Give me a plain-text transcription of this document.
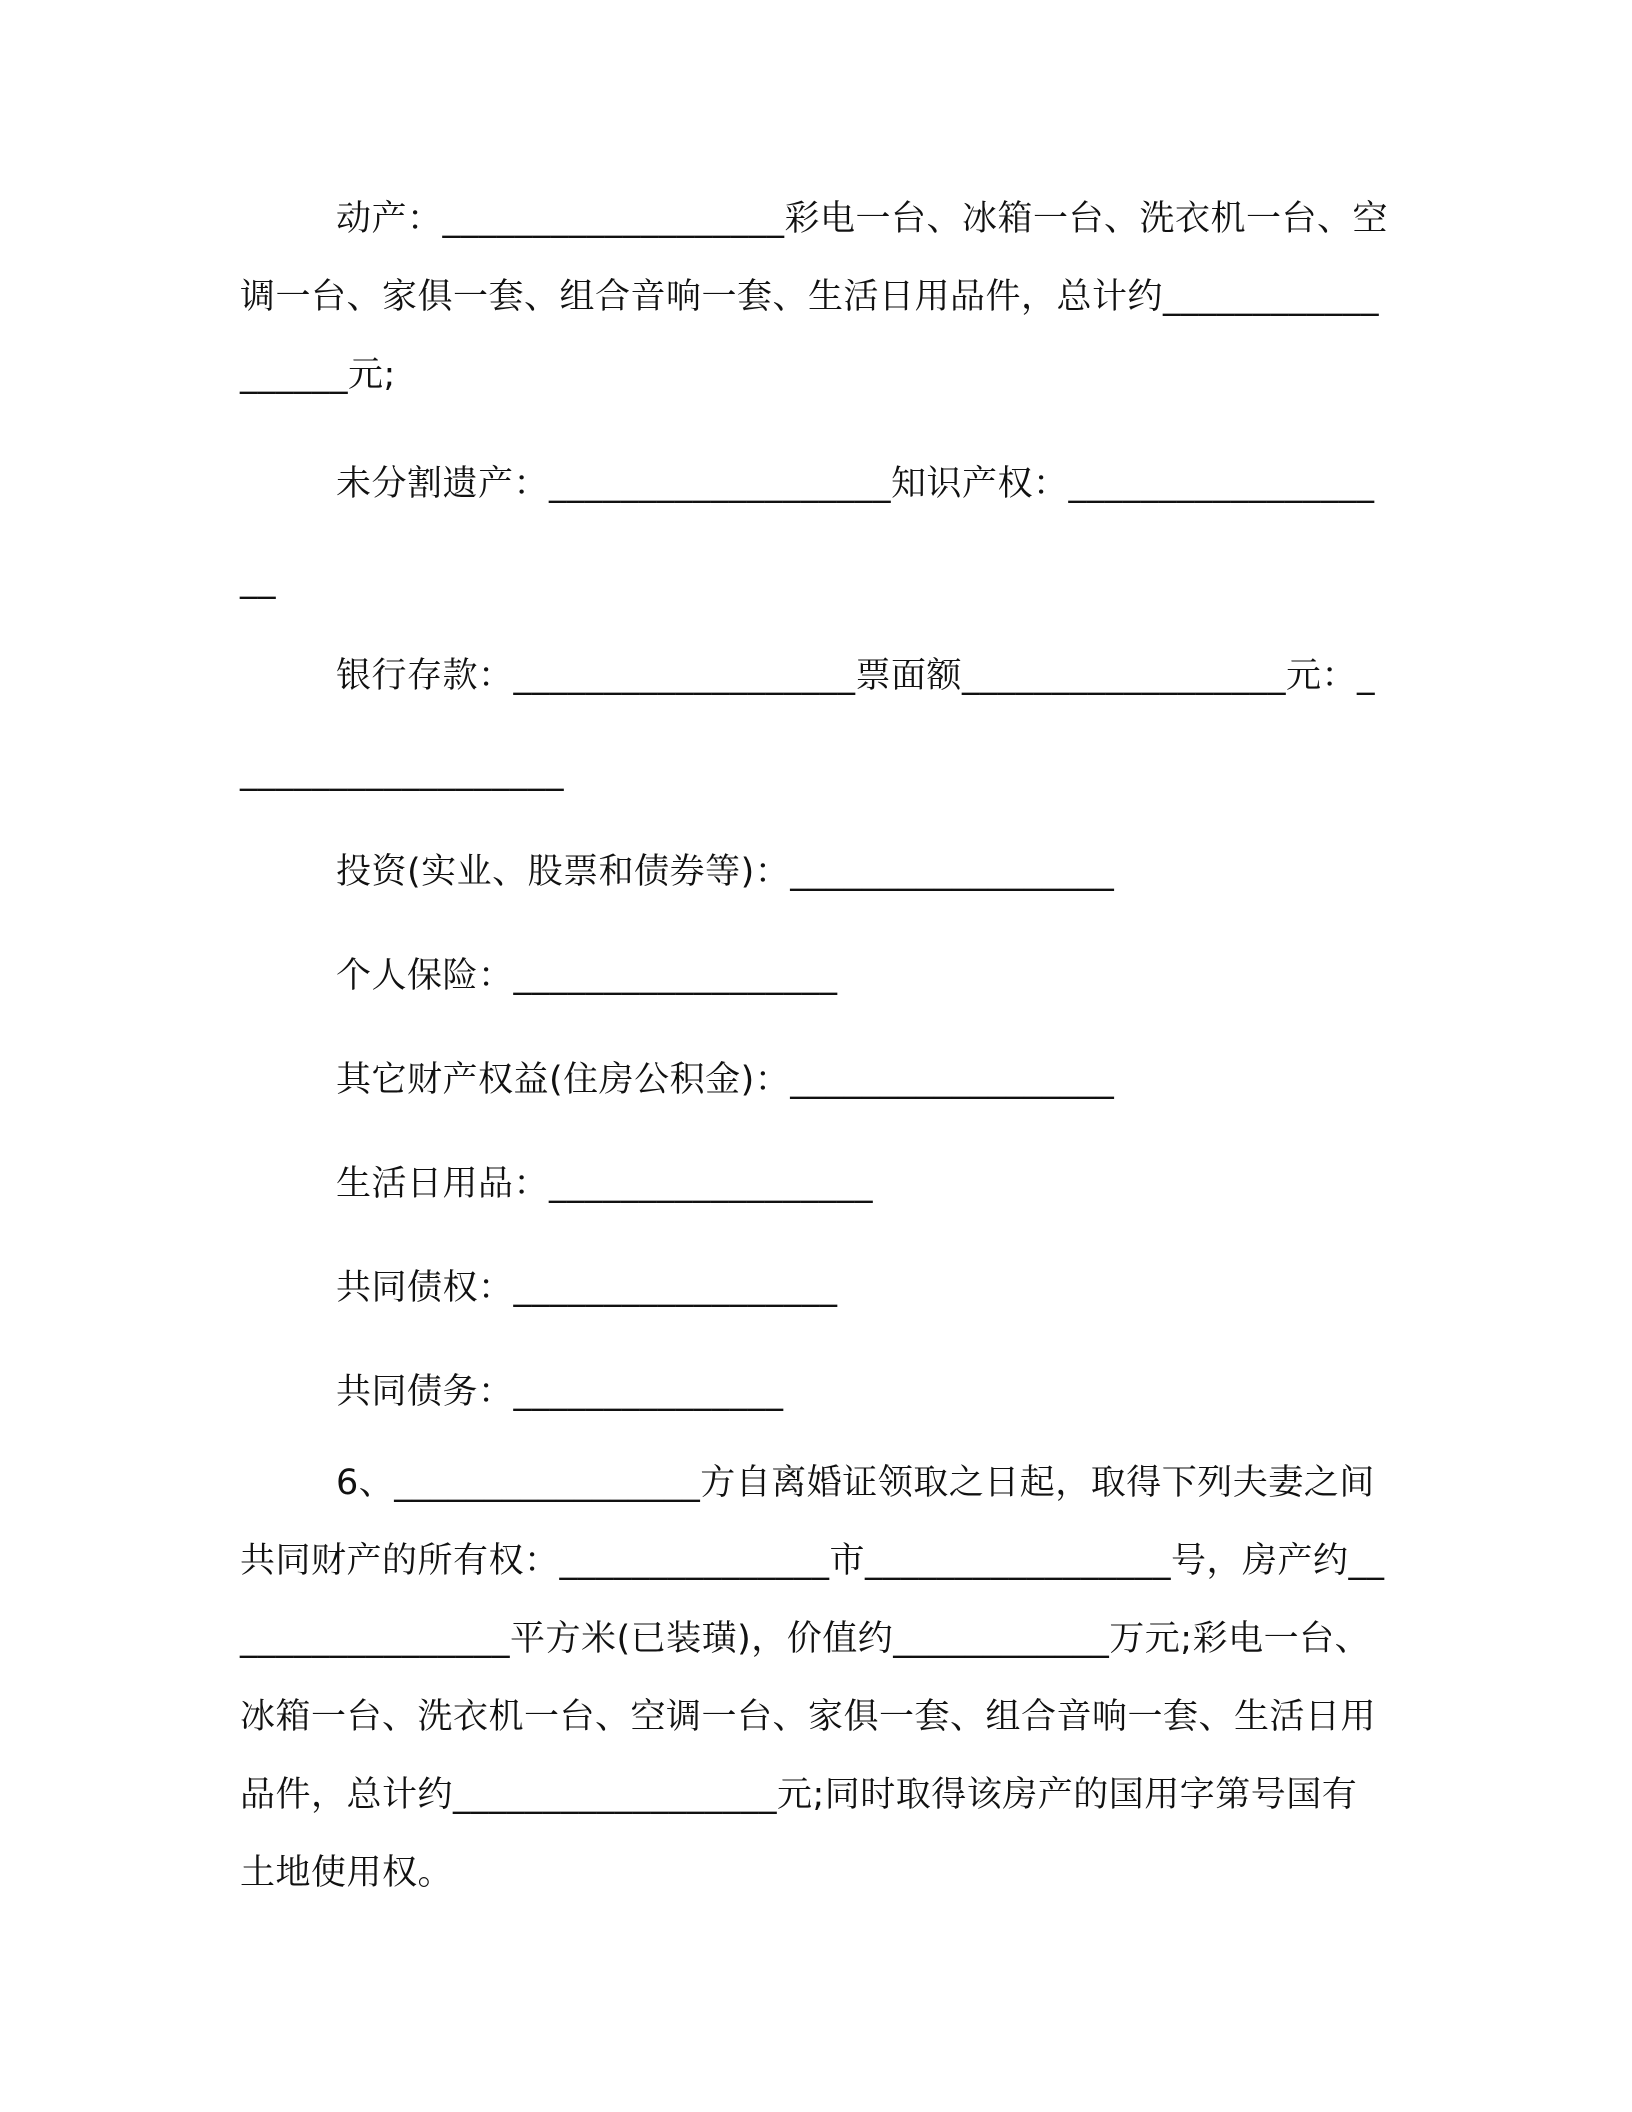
动产：___________________彩电一台、冰箱一台、洗衣机一台、空调一台、家俱一套、组合音响一套、生活日用品件，总计约__________________元;

未分割遗产：___________________知识产权：___________________

银行存款：___________________票面额__________________元：___________________

投资(实业、股票和债券等)：__________________

个人保险：__________________

其它财产权益(住房公积金)：__________________

生活日用品：__________________

共同债权：__________________

共同债务：_______________

6、_________________方自离婚证领取之日起，取得下列夫妻之间共同财产的所有权：_______________市_________________号，房产约_________________平方米(已装璜)，价值约____________万元;彩电一台、冰箱一台、洗衣机一台、空调一台、家俱一套、组合音响一套、生活日用品件，总计约__________________元;同时取得该房产的国用字第号国有土地使用权。
